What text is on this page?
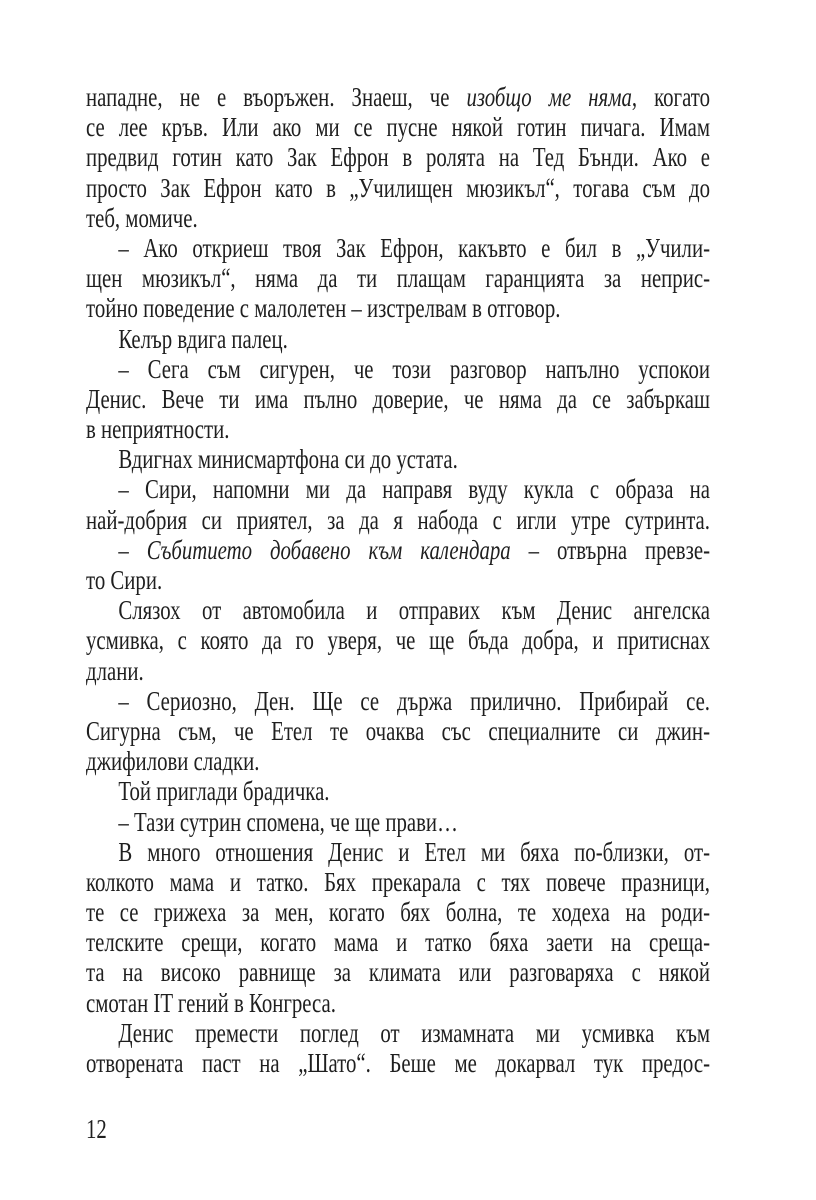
нападне, не е въоръжен. Знаеш, че изобщо ме няма, когато
се лее кръв. Или ако ми се пусне някой готин пичага. Имам
предвид готин като Зак Ефрон в ролята на Тед Бънди. Ако е
просто Зак Ефрон като в „Училищен мюзикъл“, тогава съм до
теб, момиче.
– Ако откриеш твоя Зак Ефрон, какъвто е бил в „Учили-
щен мюзикъл“, няма да ти плащам гаранцията за неприс-
тойно поведение с малолетен – изстрелвам в отговор.
Келър вдига палец.
– Сега съм сигурен, че този разговор напълно успокои
Денис. Вече ти има пълно доверие, че няма да се забъркаш
в неприятности.
Вдигнах минисмартфона си до устата.
– Сири, напомни ми да направя вуду кукла с образа на
най-добрия си приятел, за да я набода с игли утре сутринта.
– Събитието добавено към календара – отвърна превзе-
то Сири.
Слязох от автомобила и отправих към Денис ангелска
усмивка, с която да го уверя, че ще бъда добра, и притиснах
длани.
– Сериозно, Ден. Ще се държа прилично. Прибирай се.
Сигурна съм, че Етел те очаква със специалните си джин-
джифилови сладки.
Той приглади брадичка.
– Тази сутрин спомена, че ще прави…
В много отношения Денис и Етел ми бяха по-близки, от-
колкото мама и татко. Бях прекарала с тях повече празници,
те се грижеха за мен, когато бях болна, те ходеха на роди-
телските срещи, когато мама и татко бяха заети на среща-
та на високо равнище за климата или разговаряха с някой
смотан IT гений в Конгреса.
Денис премести поглед от измамната ми усмивка към
отворената паст на „Шато“. Беше ме докарвал тук предос-
12
